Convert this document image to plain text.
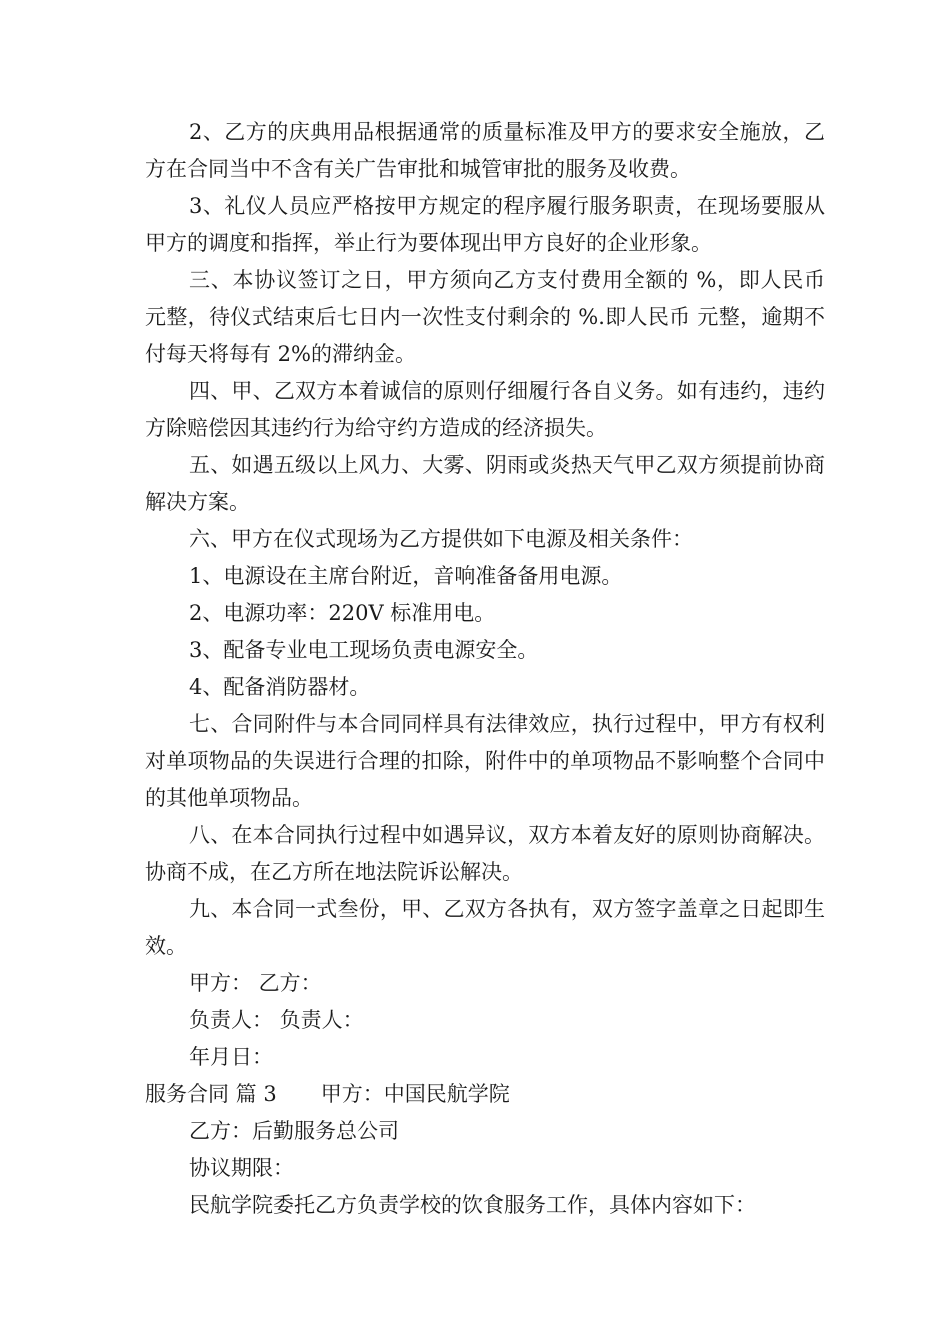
2、乙方的庆典用品根据通常的质量标准及甲方的要求安全施放，乙方在合同当中不含有关广告审批和城管审批的服务及收费。

3、礼仪人员应严格按甲方规定的程序履行服务职责，在现场要服从甲方的调度和指挥，举止行为要体现出甲方良好的企业形象。

三、本协议签订之日，甲方须向乙方支付费用全额的 %，即人民币 元整，待仪式结束后七日内一次性支付剩余的 %.即人民币 元整，逾期不付每天将每有 2%的滞纳金。

四、甲、乙双方本着诚信的原则仔细履行各自义务。如有违约，违约方除赔偿因其违约行为给守约方造成的经济损失。

五、如遇五级以上风力、大雾、阴雨或炎热天气甲乙双方须提前协商解决方案。

六、甲方在仪式现场为乙方提供如下电源及相关条件：

1、电源设在主席台附近，音响准备备用电源。

2、电源功率：220V 标准用电。

3、配备专业电工现场负责电源安全。

4、配备消防器材。

七、合同附件与本合同同样具有法律效应，执行过程中，甲方有权利对单项物品的失误进行合理的扣除，附件中的单项物品不影响整个合同中的其他单项物品。

八、在本合同执行过程中如遇异议，双方本着友好的原则协商解决。协商不成，在乙方所在地法院诉讼解决。

九、本合同一式叁份，甲、乙双方各执有，双方签字盖章之日起即生效。

甲方： 乙方：

负责人： 负责人：

年月日：

服务合同 篇 3 甲方：中国民航学院

乙方：后勤服务总公司

协议期限：

民航学院委托乙方负责学校的饮食服务工作，具体内容如下：
